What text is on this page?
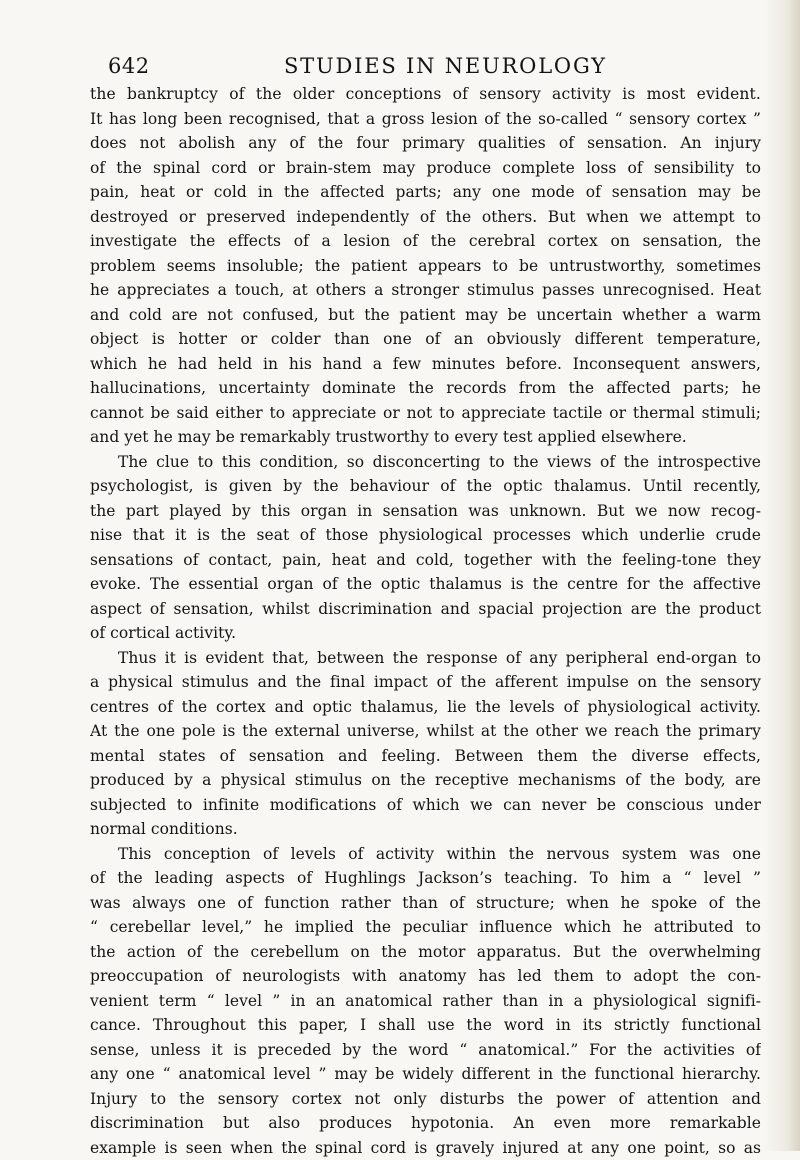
642	STUDIES IN NEUROLOGY
the bankruptcy of the older conceptions of sensory activity is most evident.
It has long been recognised, that a gross lesion of the so-called “ sensory cortex ”
does not abolish any of the four primary qualities of sensation. An injury
of the spinal cord or brain-stem may produce complete loss of sensibility to
pain, heat or cold in the affected parts; any one mode of sensation may be
destroyed or preserved independently of the others. But when we attempt to
investigate the effects of a lesion of the cerebral cortex on sensation, the
problem seems insoluble; the patient appears to be untrustworthy, sometimes
he appreciates a touch, at others a stronger stimulus passes unrecognised. Heat
and cold are not confused, but the patient may be uncertain whether a warm
object is hotter or colder than one of an obviously different temperature,
which he had held in his hand a few minutes before. Inconsequent answers,
hallucinations, uncertainty dominate the records from the affected parts; he
cannot be said either to appreciate or not to appreciate tactile or thermal stimuli;
and yet he may be remarkably trustworthy to every test applied elsewhere.
The clue to this condition, so disconcerting to the views of the introspective
psychologist, is given by the behaviour of the optic thalamus. Until recently,
the part played by this organ in sensation was unknown. But we now recog-
nise that it is the seat of those physiological processes which underlie crude
sensations of contact, pain, heat and cold, together with the feeling-tone they
evoke. The essential organ of the optic thalamus is the centre for the affective
aspect of sensation, whilst discrimination and spacial projection are the product
of cortical activity.
Thus it is evident that, between the response of any peripheral end-organ to
a physical stimulus and the final impact of the afferent impulse on the sensory
centres of the cortex and optic thalamus, lie the levels of physiological activity.
At the one pole is the external universe, whilst at the other we reach the primary
mental states of sensation and feeling. Between them the diverse effects,
produced by a physical stimulus on the receptive mechanisms of the body, are
subjected to infinite modifications of which we can never be conscious under
normal conditions.
This conception of levels of activity within the nervous system was one
of the leading aspects of Hughlings Jackson’s teaching. To him a “ level ”
was always one of function rather than of structure; when he spoke of the
“ cerebellar level,” he implied the peculiar influence which he attributed to
the action of the cerebellum on the motor apparatus. But the overwhelming
preoccupation of neurologists with anatomy has led them to adopt the con-
venient term “ level ” in an anatomical rather than in a physiological signifi-
cance. Throughout this paper, I shall use the word in its strictly functional
sense, unless it is preceded by the word “ anatomical.” For the activities of
any one “ anatomical level ” may be widely different in the functional hierarchy.
Injury to the sensory cortex not only disturbs the power of attention and
discrimination but also produces hypotonia. An even more remarkable
example is seen when the spinal cord is gravely injured at any one point, so as
